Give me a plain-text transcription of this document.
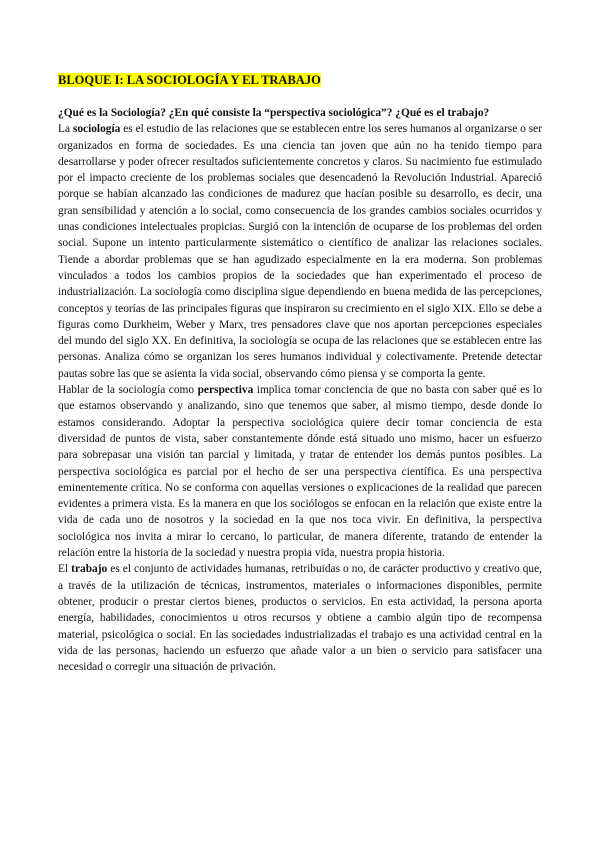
BLOQUE I: LA SOCIOLOGÍA Y EL TRABAJO

¿Qué es la Sociología? ¿En qué consiste la “perspectiva sociológica”? ¿Qué es el trabajo?

La sociología es el estudio de las relaciones que se establecen entre los seres humanos al organizarse o ser organizados en forma de sociedades. Es una ciencia tan joven que aún no ha tenido tiempo para desarrollarse y poder ofrecer resultados suficientemente concretos y claros. Su nacimiento fue estimulado por el impacto creciente de los problemas sociales que desencadenó la Revolución Industrial. Apareció porque se habían alcanzado las condiciones de madurez que hacían posible su desarrollo, es decir, una gran sensibilidad y atención a lo social, como consecuencia de los grandes cambios sociales ocurridos y unas condiciones intelectuales propicias. Surgió con la intención de ocuparse de los problemas del orden social. Supone un intento particularmente sistemático o científico de analizar las relaciones sociales. Tiende a abordar problemas que se han agudizado especialmente en la era moderna. Son problemas vinculados a todos los cambios propios de la sociedades que han experimentado el proceso de industrialización. La sociología como disciplina sigue dependiendo en buena medida de las percepciones, conceptos y teorías de las principales figuras que inspiraron su crecimiento en el siglo XIX. Ello se debe a figuras como Durkheim, Weber y Marx, tres pensadores clave que nos aportan percepciones especiales del mundo del siglo XX. En definitiva, la sociología se ocupa de las relaciones que se establecen entre las personas. Analiza cómo se organizan los seres humanos individual y colectivamente. Pretende detectar pautas sobre las que se asienta la vida social, observando cómo piensa y se comporta la gente.

Hablar de la sociología como perspectiva implica tomar conciencia de que no basta con saber qué es lo que estamos observando y analizando, sino que tenemos que saber, al mismo tiempo, desde donde lo estamos considerando. Adoptar la perspectiva sociológica quiere decir tomar conciencia de esta diversidad de puntos de vista, saber constantemente dónde está situado uno mismo, hacer un esfuerzo para sobrepasar una visión tan parcial y limitada, y tratar de entender los demás puntos posibles. La perspectiva sociológica es parcial por el hecho de ser una perspectiva científica. Es una perspectiva eminentemente crítica. No se conforma con aquellas versiones o explicaciones de la realidad que parecen evidentes a primera vista. Es la manera en que los sociólogos se enfocan en la relación que existe entre la vida de cada uno de nosotros y la sociedad en la que nos toca vivir. En definitiva, la perspectiva sociológica nos invita a mirar lo cercano, lo particular, de manera diferente, tratando de entender la relación entre la historia de la sociedad y nuestra propia vida, nuestra propia historia.

El trabajo es el conjunto de actividades humanas, retribuidas o no, de carácter productivo y creativo que, a través de la utilización de técnicas, instrumentos, materiales o informaciones disponibles, permite obtener, producir o prestar ciertos bienes, productos o servicios. En esta actividad, la persona aporta energía, habilidades, conocimientos u otros recursos y obtiene a cambio algún tipo de recompensa material, psicológica o social. En las sociedades industrializadas el trabajo es una actividad central en la vida de las personas, haciendo un esfuerzo que añade valor a un bien o servicio para satisfacer una necesidad o corregir una situación de privación.
